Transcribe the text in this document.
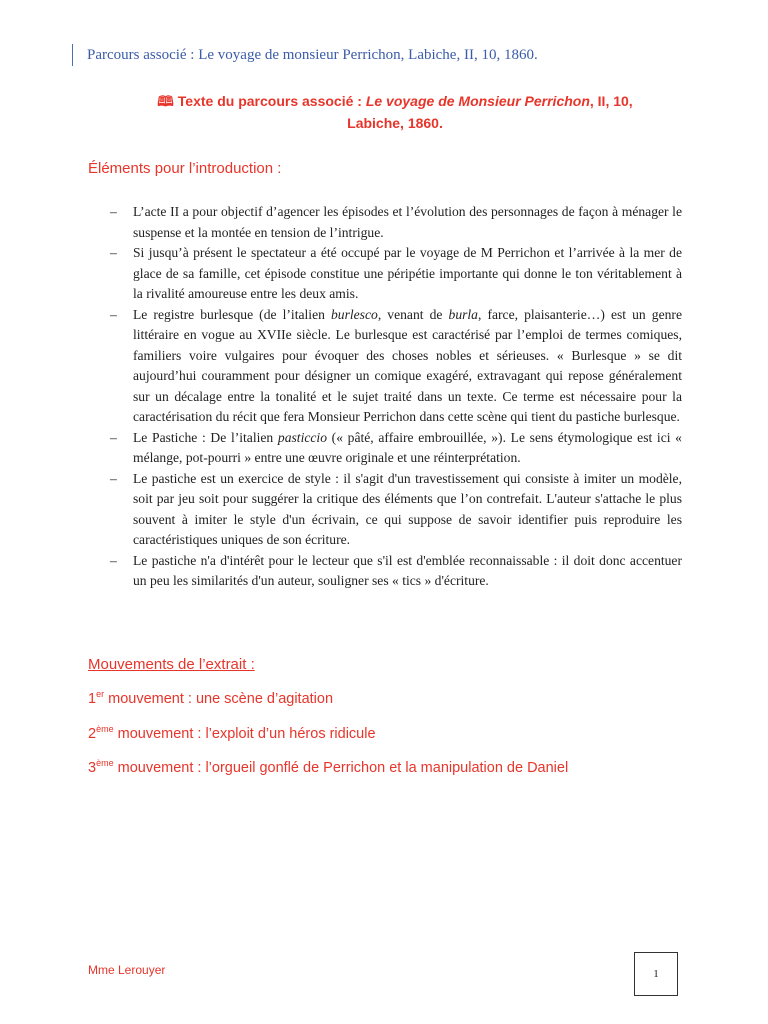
Parcours associé : Le voyage de monsieur Perrichon, Labiche, II, 10, 1860.
🕮 Texte du parcours associé : Le voyage de Monsieur Perrichon, II, 10,
Labiche, 1860.
Éléments pour l’introduction :
–	L’acte II a pour objectif d’agencer les épisodes et l’évolution des personnages de façon à ménager le suspense et la montée en tension de l’intrigue.
–	Si jusqu’à présent le spectateur a été occupé par le voyage de M Perrichon et l’arrivée à la mer de glace de sa famille, cet épisode constitue une péripétie importante qui donne le ton véritablement à la rivalité amoureuse entre les deux amis.
–	Le registre burlesque (de l’italien burlesco, venant de burla, farce, plaisanterie…) est un genre littéraire en vogue au XVIIe siècle. Le burlesque est caractérisé par l’emploi de termes comiques, familiers voire vulgaires pour évoquer des choses nobles et sérieuses. « Burlesque » se dit aujourd’hui couramment pour désigner un comique exagéré, extravagant qui repose généralement sur un décalage entre la tonalité et le sujet traité dans un texte. Ce terme est nécessaire pour la caractérisation du récit que fera Monsieur Perrichon dans cette scène qui tient du pastiche burlesque.
–	Le Pastiche : De l’italien pasticcio (« pâté, affaire embrouillée, »). Le sens étymologique est ici « mélange, pot-pourri » entre une œuvre originale et une réinterprétation.
–	Le pastiche est un exercice de style : il s'agit d'un travestissement qui consiste à imiter un modèle, soit par jeu soit pour suggérer la critique des éléments que l’on contrefait. L'auteur s'attache le plus souvent à imiter le style d'un écrivain, ce qui suppose de savoir identifier puis reproduire les caractéristiques uniques de son écriture.
–	Le pastiche n'a d'intérêt pour le lecteur que s'il est d'emblée reconnaissable : il doit donc accentuer un peu les similarités d'un auteur, souligner ses « tics » d'écriture.
Mouvements de l’extrait :
1er mouvement : une scène d’agitation
2ème mouvement : l’exploit d’un héros ridicule
3ème mouvement : l’orgueil gonflé de Perrichon et la manipulation de Daniel
Mme Lerouyer	1
